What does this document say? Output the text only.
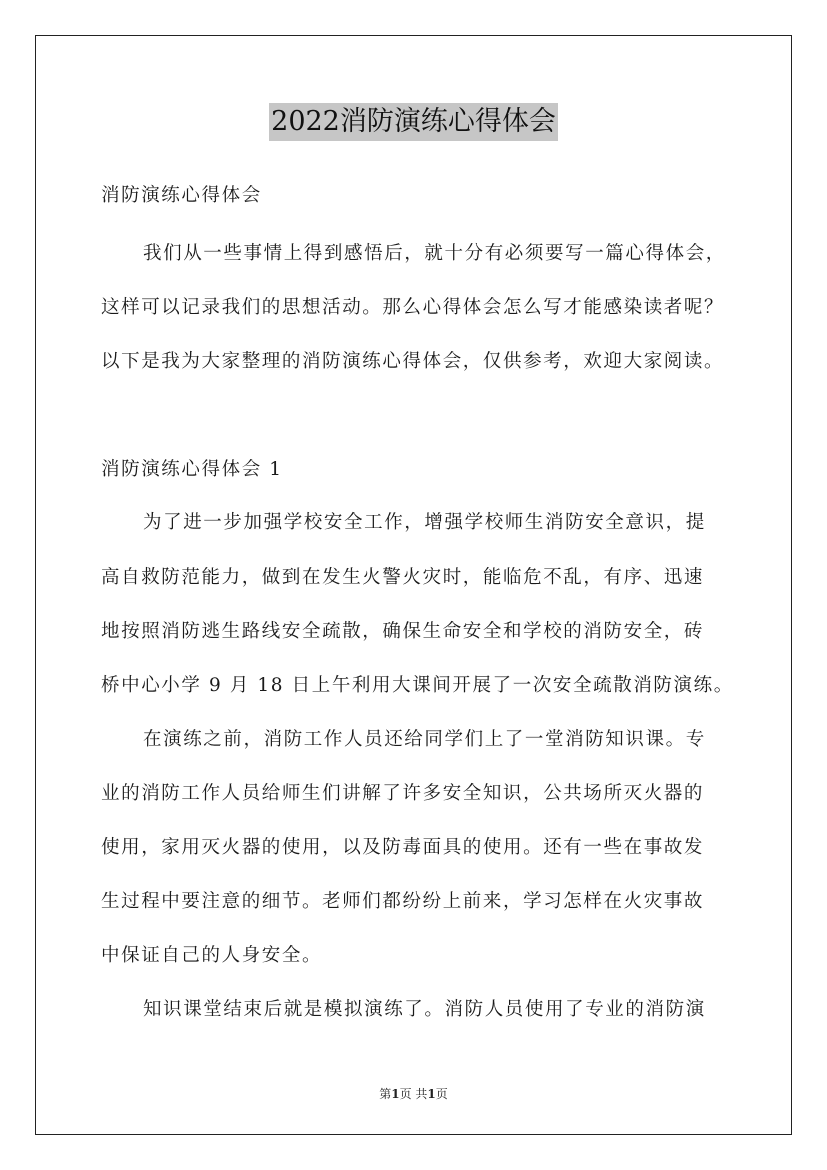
2022消防演练心得体会
消防演练心得体会
我们从一些事情上得到感悟后，就十分有必须要写一篇心得体会，
这样可以记录我们的思想活动。那么心得体会怎么写才能感染读者呢？
以下是我为大家整理的消防演练心得体会，仅供参考，欢迎大家阅读。
消防演练心得体会 1
为了进一步加强学校安全工作，增强学校师生消防安全意识，提
高自救防范能力，做到在发生火警火灾时，能临危不乱，有序、迅速
地按照消防逃生路线安全疏散，确保生命安全和学校的消防安全，砖
桥中心小学 9 月 18 日上午利用大课间开展了一次安全疏散消防演练。
在演练之前，消防工作人员还给同学们上了一堂消防知识课。专
业的消防工作人员给师生们讲解了许多安全知识，公共场所灭火器的
使用，家用灭火器的使用，以及防毒面具的使用。还有一些在事故发
生过程中要注意的细节。老师们都纷纷上前来，学习怎样在火灾事故
中保证自己的人身安全。
知识课堂结束后就是模拟演练了。消防人员使用了专业的消防演
第1页 共1页
